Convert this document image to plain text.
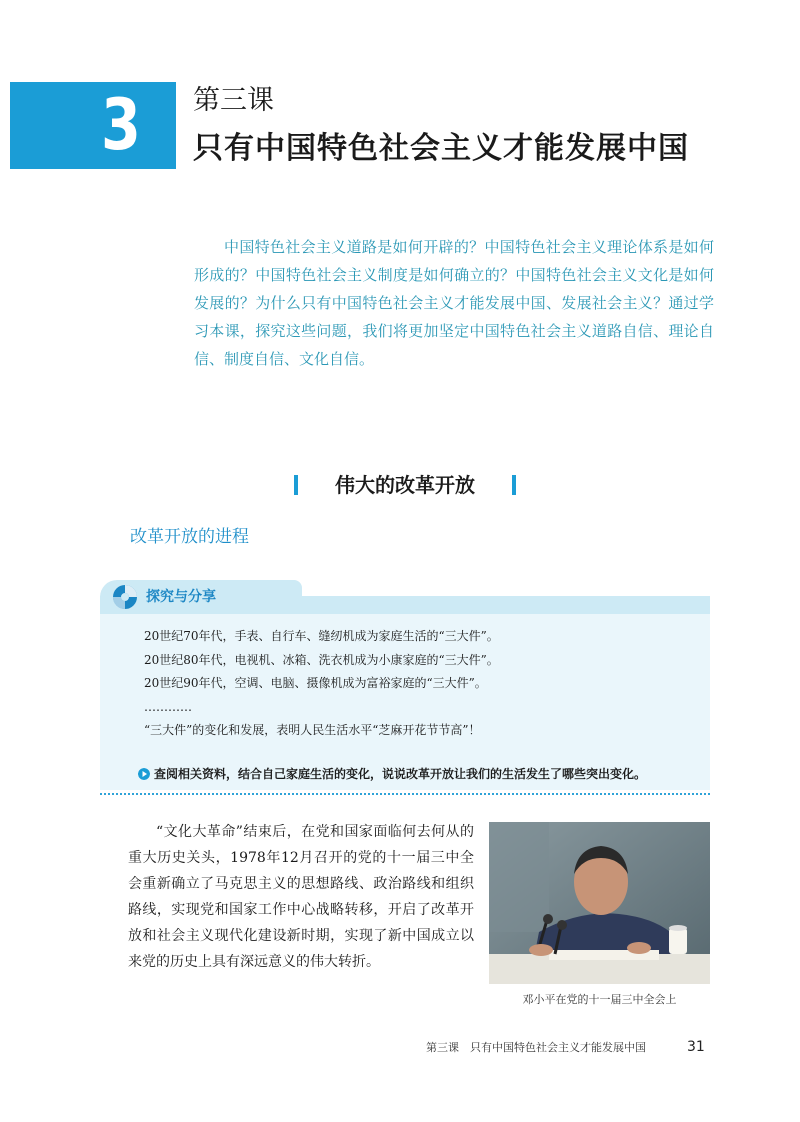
3 第三课
只有中国特色社会主义才能发展中国

中国特色社会主义道路是如何开辟的？中国特色社会主义理论体系是如何形成的？中国特色社会主义制度是如何确立的？中国特色社会主义文化是如何发展的？为什么只有中国特色社会主义才能发展中国、发展社会主义？通过学习本课，探究这些问题，我们将更加坚定中国特色社会主义道路自信、理论自信、制度自信、文化自信。

伟大的改革开放
改革开放的进程
探究与分享
20世纪70年代，手表、自行车、缝纫机成为家庭生活的“三大件”。
20世纪80年代，电视机、冰箱、洗衣机成为小康家庭的“三大件”。
20世纪90年代，空调、电脑、摄像机成为富裕家庭的“三大件”。
…………
“三大件”的变化和发展，表明人民生活水平“芝麻开花节节高”！
查阅相关资料，结合自己家庭生活的变化，说说改革开放让我们的生活发生了哪些突出变化。

“文化大革命”结束后，在党和国家面临何去何从的重大历史关头，1978年12月召开的党的十一届三中全会重新确立了马克思主义的思想路线、政治路线和组织路线，实现党和国家工作中心战略转移，开启了改革开放和社会主义现代化建设新时期，实现了新中国成立以来党的历史上具有深远意义的伟大转折。

邓小平在党的十一届三中全会上
第三课　只有中国特色社会主义才能发展中国	31
